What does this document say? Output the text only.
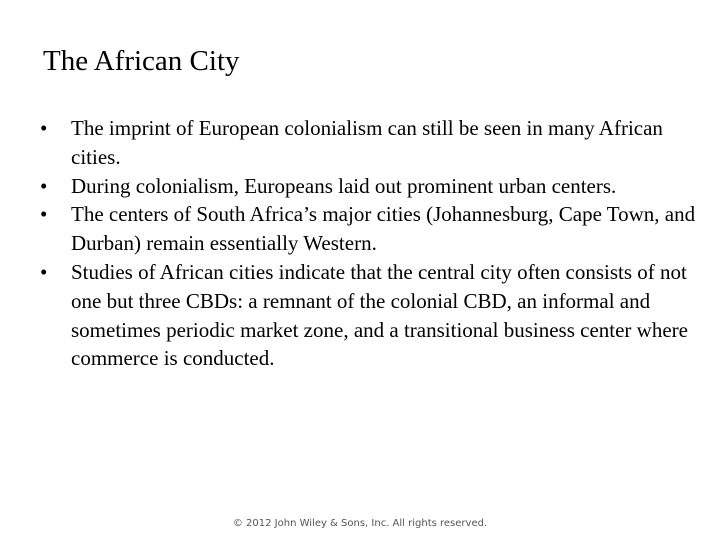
The African City
• The imprint of European colonialism can still be seen in many African cities.
• During colonialism, Europeans laid out prominent urban centers.
• The centers of South Africa’s major cities (Johannesburg, Cape Town, and Durban) remain essentially Western.
• Studies of African cities indicate that the central city often consists of not one but three CBDs: a remnant of the colonial CBD, an informal and sometimes periodic market zone, and a transitional business center where commerce is conducted.
© 2012 John Wiley & Sons, Inc. All rights reserved.
